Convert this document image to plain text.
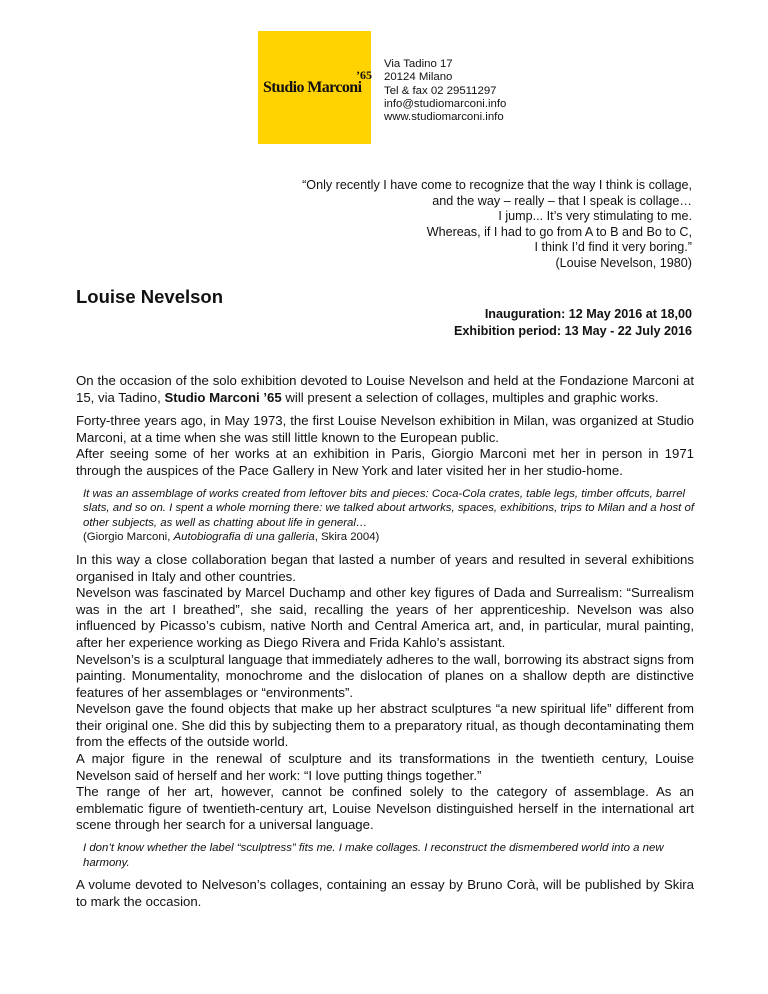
’65
Studio Marconi
Via Tadino 17
20124 Milano
Tel & fax 02 29511297
info@studiomarconi.info
www.studiomarconi.info
“Only recently I have come to recognize that the way I think is collage,
and the way – really – that I speak is collage…
I jump... It’s very stimulating to me.
Whereas, if I had to go from A to B and Bo to C,
I think I’d find it very boring.”
(Louise Nevelson, 1980)
Louise Nevelson
Inauguration: 12 May 2016 at 18,00
Exhibition period: 13 May - 22 July 2016

On the occasion of the solo exhibition devoted to Louise Nevelson and held at the Fondazione Marconi at 15, via Tadino, Studio Marconi ’65 will present a selection of collages, multiples and graphic works.

Forty-three years ago, in May 1973, the first Louise Nevelson exhibition in Milan, was organized at Studio Marconi, at a time when she was still little known to the European public.

After seeing some of her works at an exhibition in Paris, Giorgio Marconi met her in person in 1971 through the auspices of the Pace Gallery in New York and later visited her in her studio-home.

It was an assemblage of works created from leftover bits and pieces: Coca-Cola crates, table legs, timber offcuts, barrel slats, and so on. I spent a whole morning there: we talked about artworks, spaces, exhibitions, trips to Milan and a host of other subjects, as well as chatting about life in general…
(Giorgio Marconi, Autobiografia di una galleria, Skira 2004)

In this way a close collaboration began that lasted a number of years and resulted in several exhibitions organised in Italy and other countries.

Nevelson was fascinated by Marcel Duchamp and other key figures of Dada and Surrealism: “Surrealism was in the art I breathed”, she said, recalling the years of her apprenticeship. Nevelson was also influenced by Picasso’s cubism, native North and Central America art, and, in particular, mural painting, after her experience working as Diego Rivera and Frida Kahlo’s assistant.

Nevelson’s is a sculptural language that immediately adheres to the wall, borrowing its abstract signs from painting. Monumentality, monochrome and the dislocation of planes on a shallow depth are distinctive features of her assemblages or “environments”.

Nevelson gave the found objects that make up her abstract sculptures “a new spiritual life” different from their original one. She did this by subjecting them to a preparatory ritual, as though decontaminating them from the effects of the outside world.

A major figure in the renewal of sculpture and its transformations in the twentieth century, Louise Nevelson said of herself and her work: “I love putting things together.”

The range of her art, however, cannot be confined solely to the category of assemblage. As an emblematic figure of twentieth-century art, Louise Nevelson distinguished herself in the international art scene through her search for a universal language.

I don’t know whether the label “sculptress” fits me. I make collages. I reconstruct the dismembered world into a new harmony.

A volume devoted to Nelveson’s collages, containing an essay by Bruno Corà, will be published by Skira to mark the occasion.
